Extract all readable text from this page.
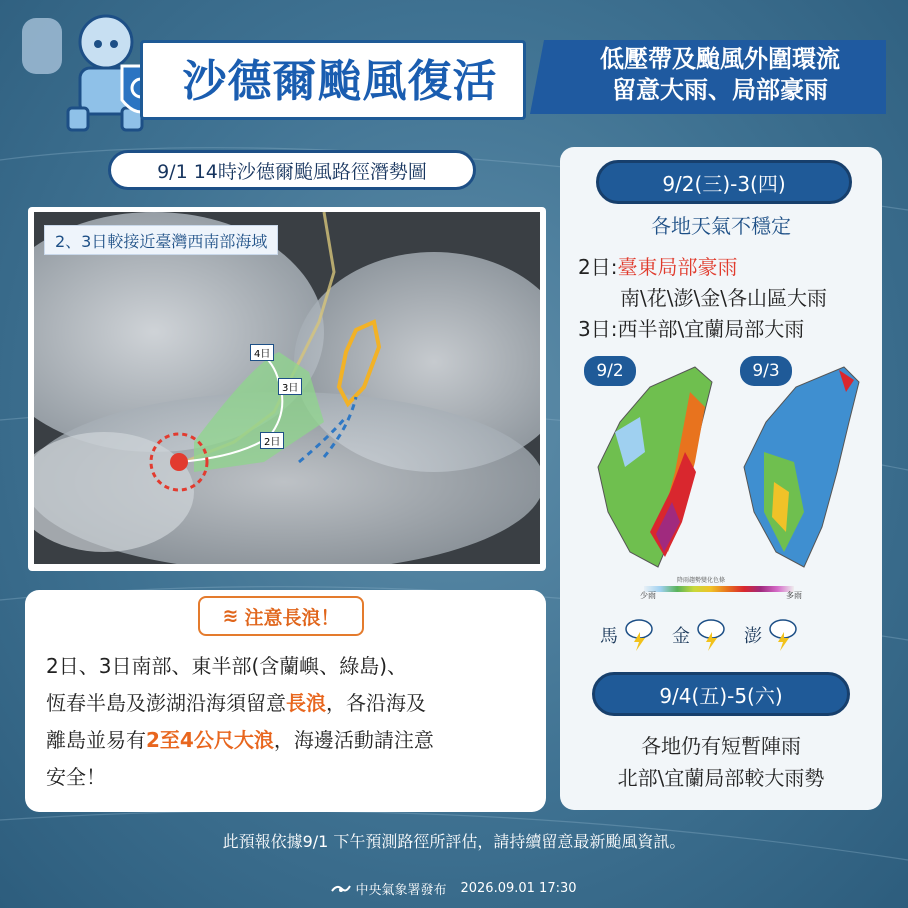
沙德爾颱風復活	低壓帶及颱風外圍環流
留意大雨、局部豪雨
9/1 14時沙德爾颱風路徑潛勢圖
2、3日較接近臺灣西南部海域
4日
3日
2日
≋ 注意長浪！
2日、3日南部、東半部(含蘭嶼、綠島)、
恆春半島及澎湖沿海須留意長浪，各沿海及
離島並易有2至4公尺大浪，海邊活動請注意
安全！
9/2(三)-3(四)
各地天氣不穩定
2日:臺東局部豪雨
南\花\澎\金\各山區大雨
3日:西半部\宜蘭局部大雨
9/2	9/3
降雨趨勢變化色條
少雨	多雨
馬	金	澎
9/4(五)-5(六)
各地仍有短暫陣雨
北部\宜蘭局部較大雨勢
此預報依據9/1 下午預測路徑所評估，請持續留意最新颱風資訊。
中央氣象署發布 2026.09.01 17:30
